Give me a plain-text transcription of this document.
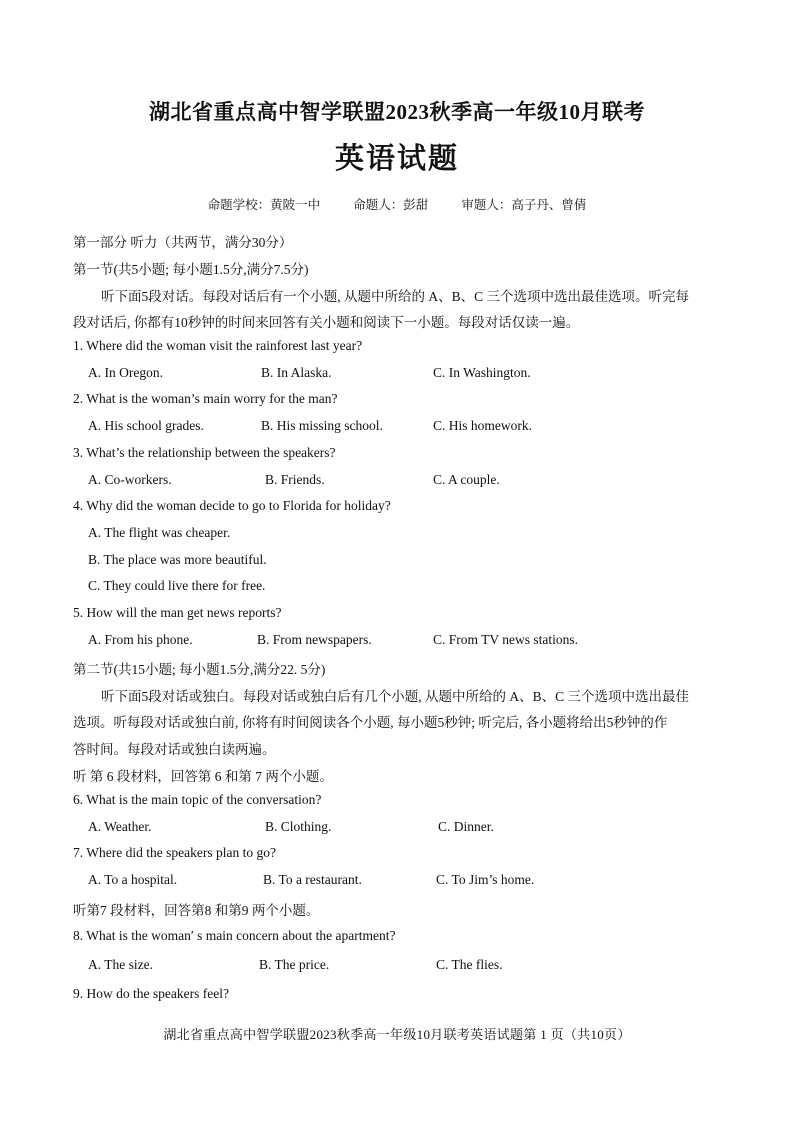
湖北省重点高中智学联盟2023秋季高一年级10月联考
英语试题
命题学校：黄陂一中	命题人：彭甜	审题人：高子丹、曾倩
第一部分 听力（共两节，满分30分）
第一节(共5小题; 每小题1.5分,满分7.5分)
听下面5段对话。每段对话后有一个小题, 从题中所给的 A、B、C 三个选项中选出最佳选项。听完每
段对话后, 你都有10秒钟的时间来回答有关小题和阅读下一小题。每段对话仅读一遍。
1. Where did the woman visit the rainforest last year?
A. In Oregon.	B. In Alaska.	C. In Washington.
2. What is the woman’s main worry for the man?
A. His school grades.	B. His missing school.	C. His homework.
3. What’s the relationship between the speakers?
A. Co-workers.	B. Friends.	C. A couple.
4. Why did the woman decide to go to Florida for holiday?
A. The flight was cheaper.
B. The place was more beautiful.
C. They could live there for free.
5. How will the man get news reports?
A. From his phone.	B. From newspapers.	C. From TV news stations.
第二节(共15小题; 每小题1.5分,满分22. 5分)
听下面5段对话或独白。每段对话或独白后有几个小题, 从题中所给的 A、B、C 三个选项中选出最佳
选项。听每段对话或独白前, 你将有时间阅读各个小题, 每小题5秒钟; 听完后, 各小题将给出5秒钟的作
答时间。每段对话或独白读两遍。
听 第 6 段材料，回答第 6 和第 7 两个小题。
6. What is the main topic of the conversation?
A. Weather.	B. Clothing.	C. Dinner.
7. Where did the speakers plan to go?
A. To a hospital.	B. To a restaurant.	C. To Jim’s home.
听第7 段材料，回答第8 和第9 两个小题。
8. What is the woman′ s main concern about the apartment?
A. The size.	B. The price.	C. The flies.
9. How do the speakers feel?
湖北省重点高中智学联盟2023秋季高一年级10月联考英语试题第 1 页（共10页）
